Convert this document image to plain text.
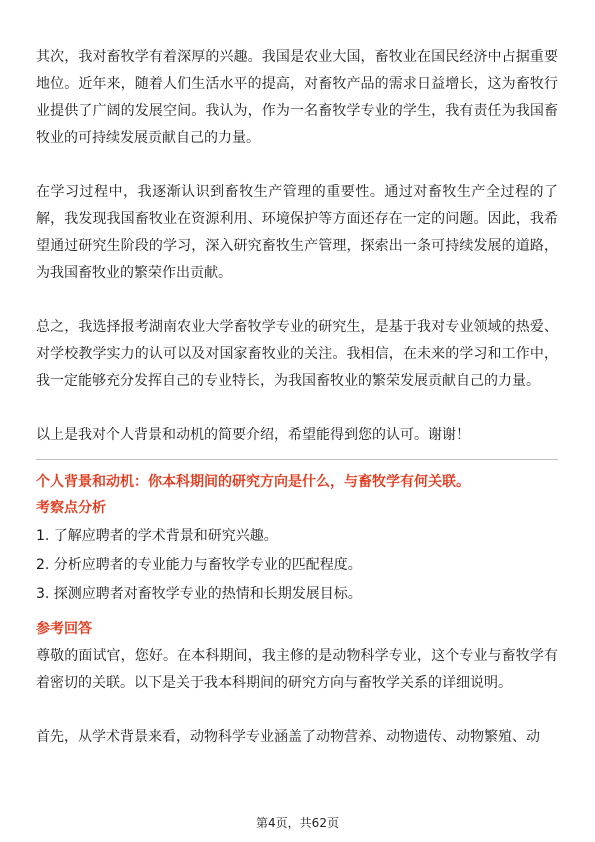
其次，我对畜牧学有着深厚的兴趣。我国是农业大国，畜牧业在国民经济中占据重要地位。近年来，随着人们生活水平的提高，对畜牧产品的需求日益增长，这为畜牧行业提供了广阔的发展空间。我认为，作为一名畜牧学专业的学生，我有责任为我国畜牧业的可持续发展贡献自己的力量。

在学习过程中，我逐渐认识到畜牧生产管理的重要性。通过对畜牧生产全过程的了解，我发现我国畜牧业在资源利用、环境保护等方面还存在一定的问题。因此，我希望通过研究生阶段的学习，深入研究畜牧生产管理，探索出一条可持续发展的道路，为我国畜牧业的繁荣作出贡献。

总之，我选择报考湖南农业大学畜牧学专业的研究生，是基于我对专业领域的热爱、对学校教学实力的认可以及对国家畜牧业的关注。我相信，在未来的学习和工作中，我一定能够充分发挥自己的专业特长，为我国畜牧业的繁荣发展贡献自己的力量。

以上是我对个人背景和动机的简要介绍，希望能得到您的认可。谢谢！

个人背景和动机：你本科期间的研究方向是什么，与畜牧学有何关联。

考察点分析

1. 了解应聘者的学术背景和研究兴趣。
2. 分析应聘者的专业能力与畜牧学专业的匹配程度。
3. 探测应聘者对畜牧学专业的热情和长期发展目标。

参考回答

尊敬的面试官，您好。在本科期间，我主修的是动物科学专业，这个专业与畜牧学有着密切的关联。以下是关于我本科期间的研究方向与畜牧学关系的详细说明。

首先，从学术背景来看，动物科学专业涵盖了动物营养、动物遗传、动物繁殖、动

第4页，共62页
